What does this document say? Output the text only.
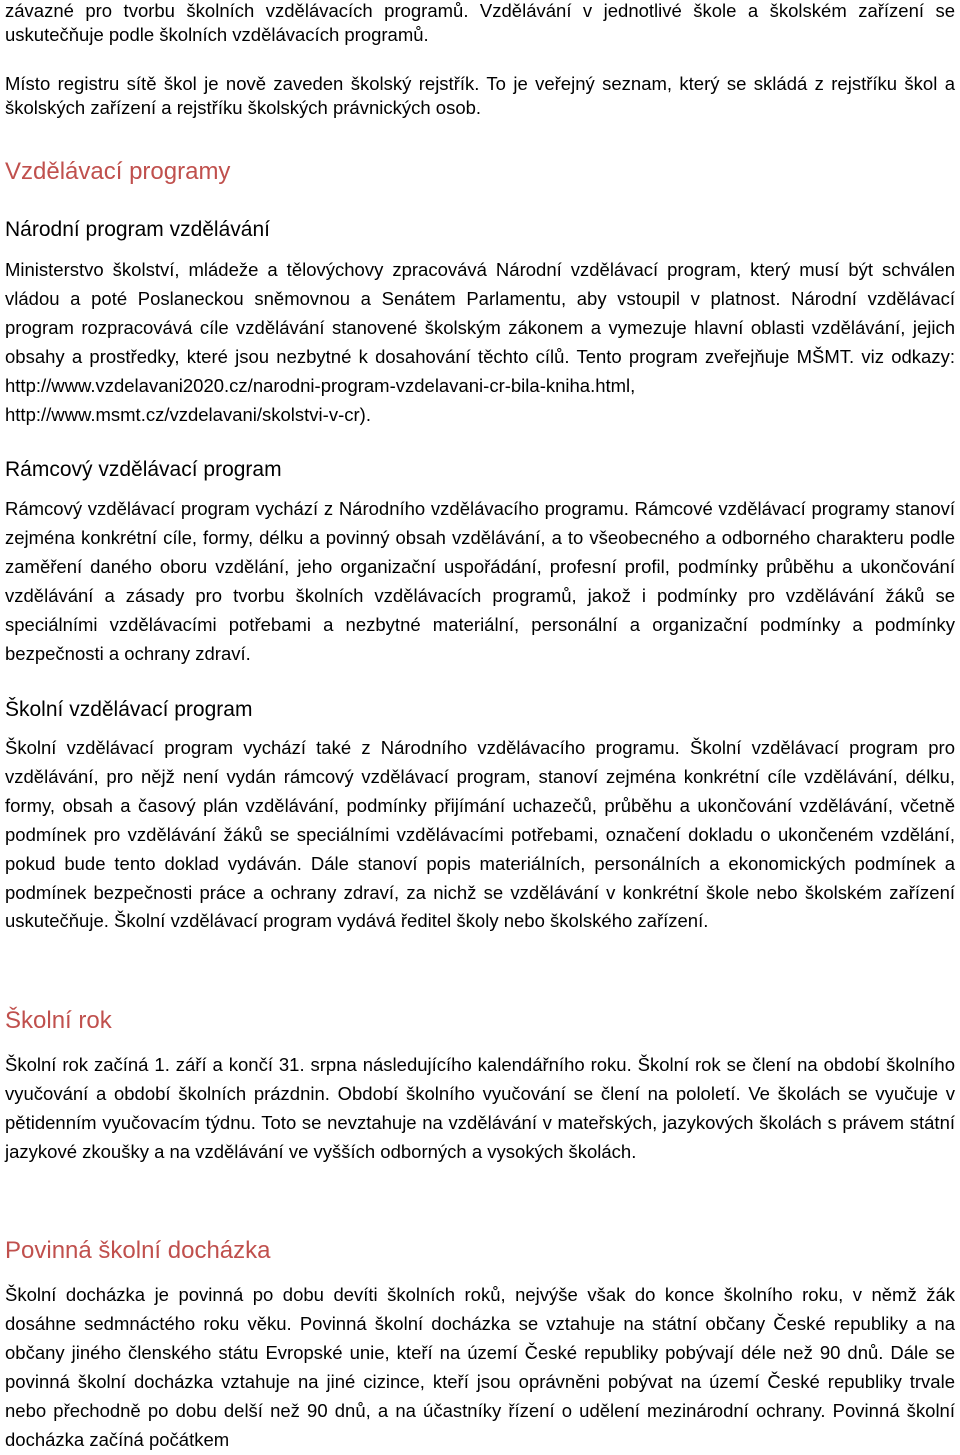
závazné pro tvorbu školních vzdělávacích programů. Vzdělávání v jednotlivé škole a školském zařízení se uskutečňuje podle školních vzdělávacích programů.

Místo registru sítě škol je nově zaveden školský rejstřík. To je veřejný seznam, který se skládá z rejstříku škol a školských zařízení a rejstříku školských právnických osob.

Vzdělávací programy
Národní program vzdělávání

Ministerstvo školství, mládeže a tělovýchovy zpracovává Národní vzdělávací program, který musí být schválen vládou a poté Poslaneckou sněmovnou a Senátem Parlamentu, aby vstoupil v platnost. Národní vzdělávací program rozpracovává cíle vzdělávání stanovené školským zákonem a vymezuje hlavní oblasti vzdělávání, jejich obsahy a prostředky, které jsou nezbytné k dosahování těchto cílů. Tento program zveřejňuje MŠMT. viz odkazy: http://www.vzdelavani2020.cz/narodni-program-vzdelavani-cr-bila-kniha.html, http://www.msmt.cz/vzdelavani/skolstvi-v-cr).

Rámcový vzdělávací program

Rámcový vzdělávací program vychází z Národního vzdělávacího programu. Rámcové vzdělávací programy stanoví zejména konkrétní cíle, formy, délku a povinný obsah vzdělávání, a to všeobecného a odborného charakteru podle zaměření daného oboru vzdělání, jeho organizační uspořádání, profesní profil, podmínky průběhu a ukončování vzdělávání a zásady pro tvorbu školních vzdělávacích programů, jakož i podmínky pro vzdělávání žáků se speciálními vzdělávacími potřebami a nezbytné materiální, personální a organizační podmínky a podmínky bezpečnosti a ochrany zdraví.

Školní vzdělávací program

Školní vzdělávací program vychází také z Národního vzdělávacího programu. Školní vzdělávací program pro vzdělávání, pro nějž není vydán rámcový vzdělávací program, stanoví zejména konkrétní cíle vzdělávání, délku, formy, obsah a časový plán vzdělávání, podmínky přijímání uchazečů, průběhu a ukončování vzdělávání, včetně podmínek pro vzdělávání žáků se speciálními vzdělávacími potřebami, označení dokladu o ukončeném vzdělání, pokud bude tento doklad vydáván. Dále stanoví popis materiálních, personálních a ekonomických podmínek a podmínek bezpečnosti práce a ochrany zdraví, za nichž se vzdělávání v konkrétní škole nebo školském zařízení uskutečňuje. Školní vzdělávací program vydává ředitel školy nebo školského zařízení.

Školní rok

Školní rok začíná 1. září a končí 31. srpna následujícího kalendářního roku. Školní rok se člení na období školního vyučování a období školních prázdnin. Období školního vyučování se člení na pololetí. Ve školách se vyučuje v pětidenním vyučovacím týdnu. Toto se nevztahuje na vzdělávání v mateřských, jazykových školách s právem státní jazykové zkoušky a na vzdělávání ve vyšších odborných a vysokých školách.

Povinná školní docházka

Školní docházka je povinná po dobu devíti školních roků, nejvýše však do konce školního roku, v němž žák dosáhne sedmnáctého roku věku. Povinná školní docházka se vztahuje na státní občany České republiky a na občany jiného členského státu Evropské unie, kteří na území České republiky pobývají déle než 90 dnů. Dále se povinná školní docházka vztahuje na jiné cizince, kteří jsou oprávněni pobývat na území České republiky trvale nebo přechodně po dobu delší než 90 dnů, a na účastníky řízení o udělení mezinárodní ochrany. Povinná školní docházka začíná počátkem
